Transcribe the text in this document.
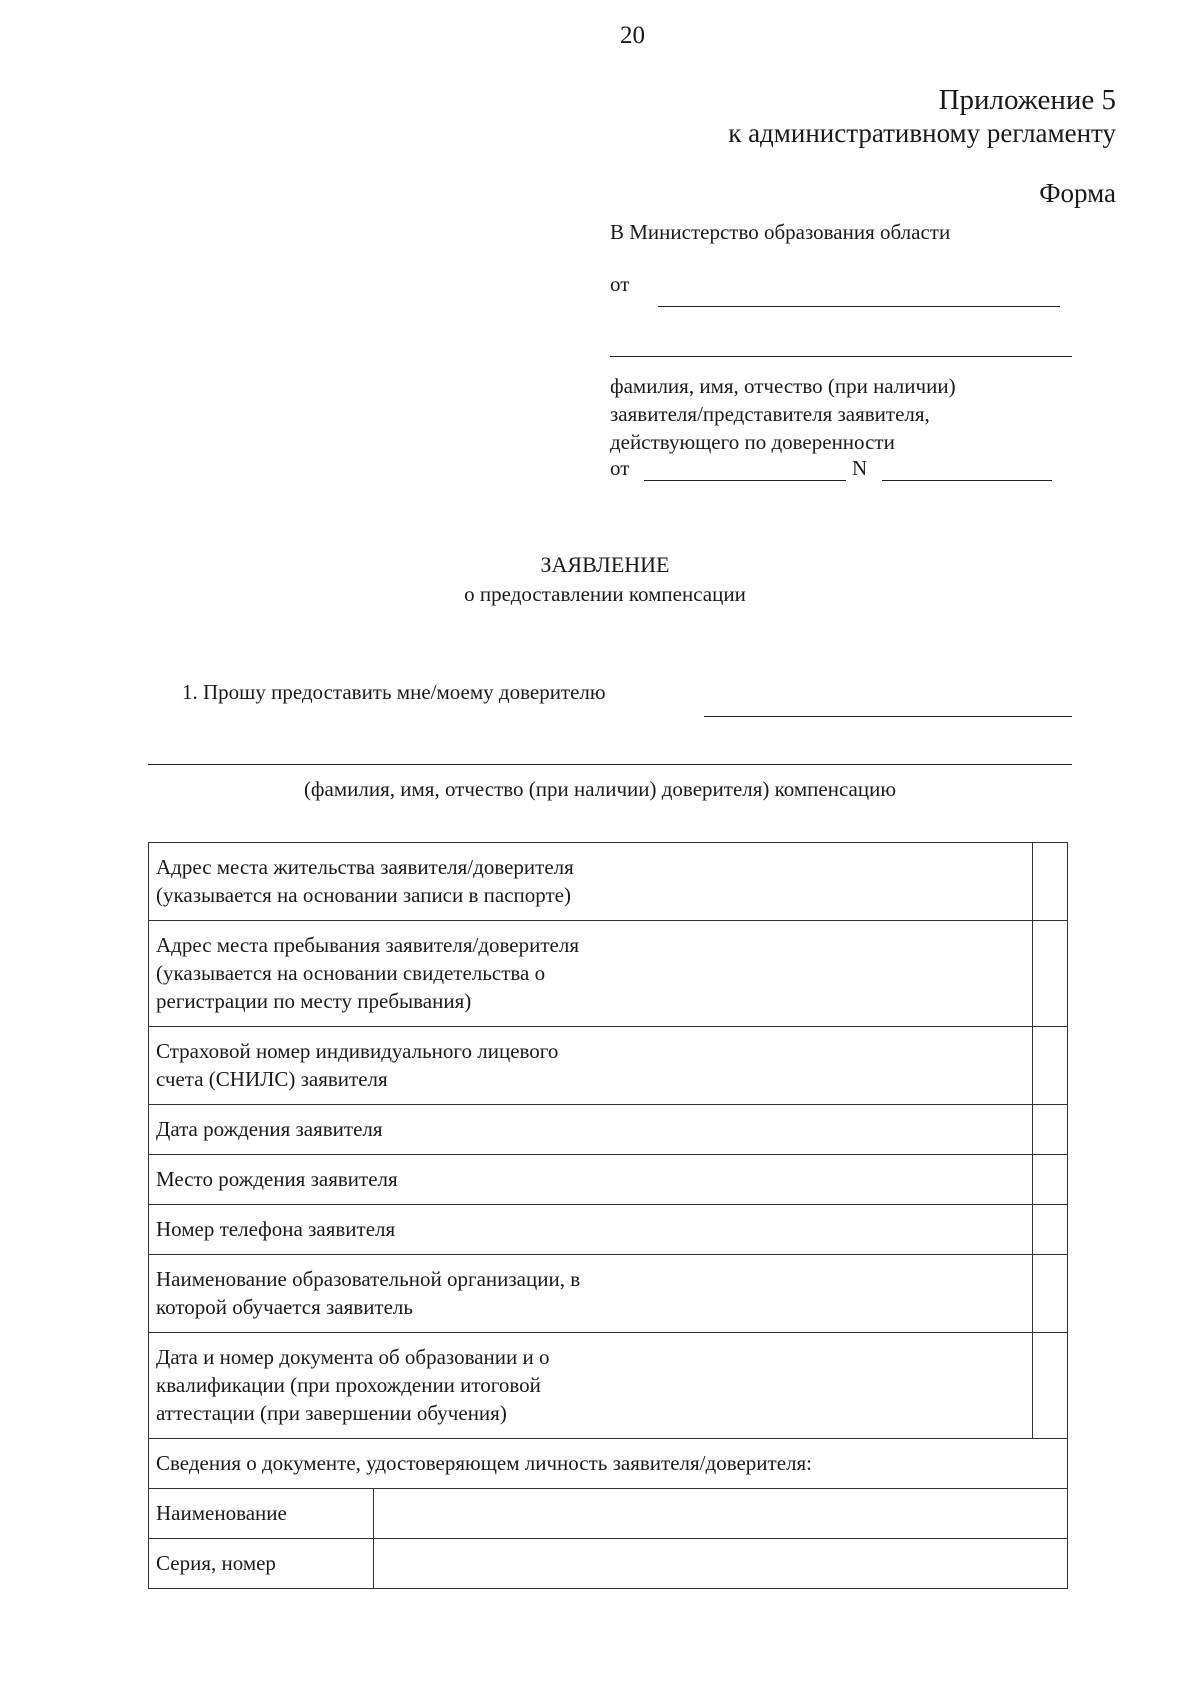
20
Приложение 5
к административному регламенту
Форма
В Министерство образования области
от
фамилия, имя, отчество (при наличии)
заявителя/представителя заявителя,
действующего по доверенности
от	N
ЗАЯВЛЕНИЕ
о предоставлении компенсации
1. Прошу предоставить мне/моему доверителю
(фамилия, имя, отчество (при наличии) доверителя) компенсацию
Адрес места жительства заявителя/доверителя
(указывается на основании записи в паспорте)		

Адрес места пребывания заявителя/доверителя
(указывается на основании свидетельства о
регистрации по месту пребывания)		

Страховой номер индивидуального лицевого
счета (СНИЛС) заявителя		

Дата рождения заявителя		

Место рождения заявителя		

Номер телефона заявителя		

Наименование образовательной организации, в
которой обучается заявитель		

Дата и номер документа об образовании и о
квалификации (при прохождении итоговой
аттестации (при завершении обучения)		

Сведения о документе, удостоверяющем личность заявителя/доверителя:		
Наименование		
Серия, номер		
